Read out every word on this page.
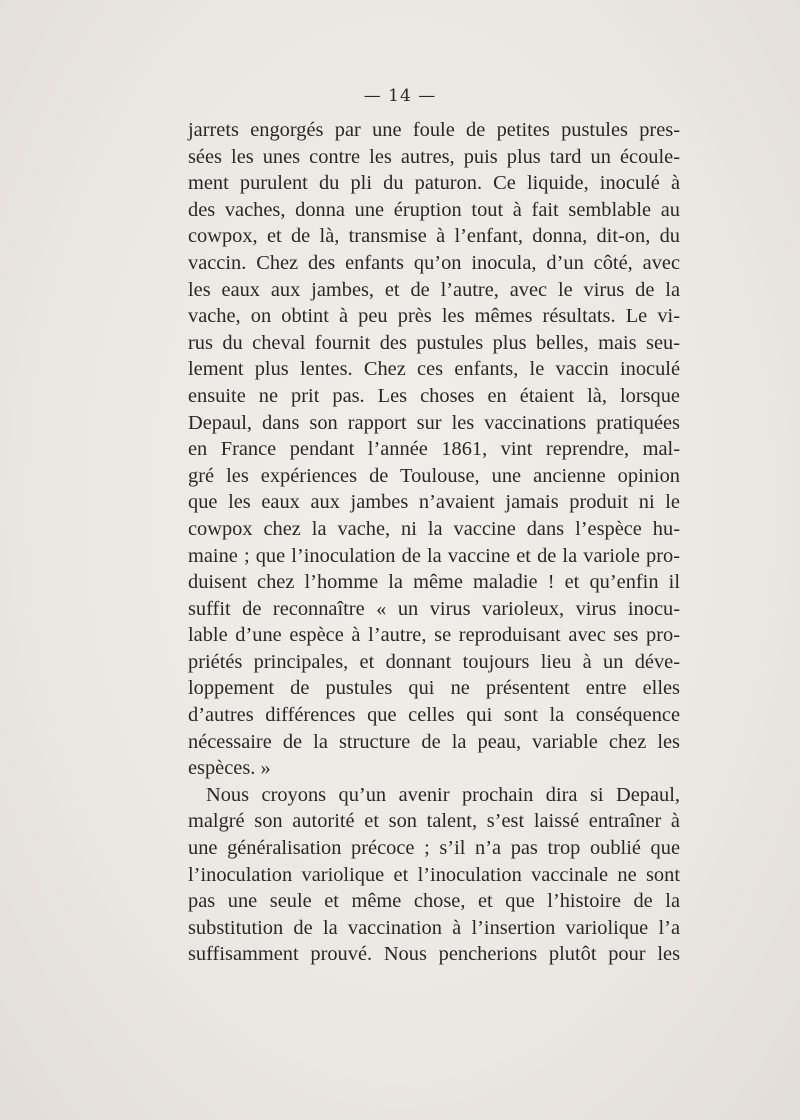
— 14 —
jarrets engorgés par une foule de petites pustules pres-
sées les unes contre les autres, puis plus tard un écoule-
ment purulent du pli du paturon. Ce liquide, inoculé à
des vaches, donna une éruption tout à fait semblable au
cowpox, et de là, transmise à l’enfant, donna, dit-on, du
vaccin. Chez des enfants qu’on inocula, d’un côté, avec
les eaux aux jambes, et de l’autre, avec le virus de la
vache, on obtint à peu près les mêmes résultats. Le vi-
rus du cheval fournit des pustules plus belles, mais seu-
lement plus lentes. Chez ces enfants, le vaccin inoculé
ensuite ne prit pas. Les choses en étaient là, lorsque
Depaul, dans son rapport sur les vaccinations pratiquées
en France pendant l’année 1861, vint reprendre, mal-
gré les expériences de Toulouse, une ancienne opinion
que les eaux aux jambes n’avaient jamais produit ni le
cowpox chez la vache, ni la vaccine dans l’espèce hu-
maine ; que l’inoculation de la vaccine et de la variole pro-
duisent chez l’homme la même maladie ! et qu’enfin il
suffit de reconnaître « un virus varioleux, virus inocu-
lable d’une espèce à l’autre, se reproduisant avec ses pro-
priétés principales, et donnant toujours lieu à un déve-
loppement de pustules qui ne présentent entre elles
d’autres différences que celles qui sont la conséquence
nécessaire de la structure de la peau, variable chez les
espèces. »
Nous croyons qu’un avenir prochain dira si Depaul,
malgré son autorité et son talent, s’est laissé entraîner à
une généralisation précoce ; s’il n’a pas trop oublié que
l’inoculation variolique et l’inoculation vaccinale ne sont
pas une seule et même chose, et que l’histoire de la
substitution de la vaccination à l’insertion variolique l’a
suffisamment prouvé. Nous pencherions plutôt pour les
